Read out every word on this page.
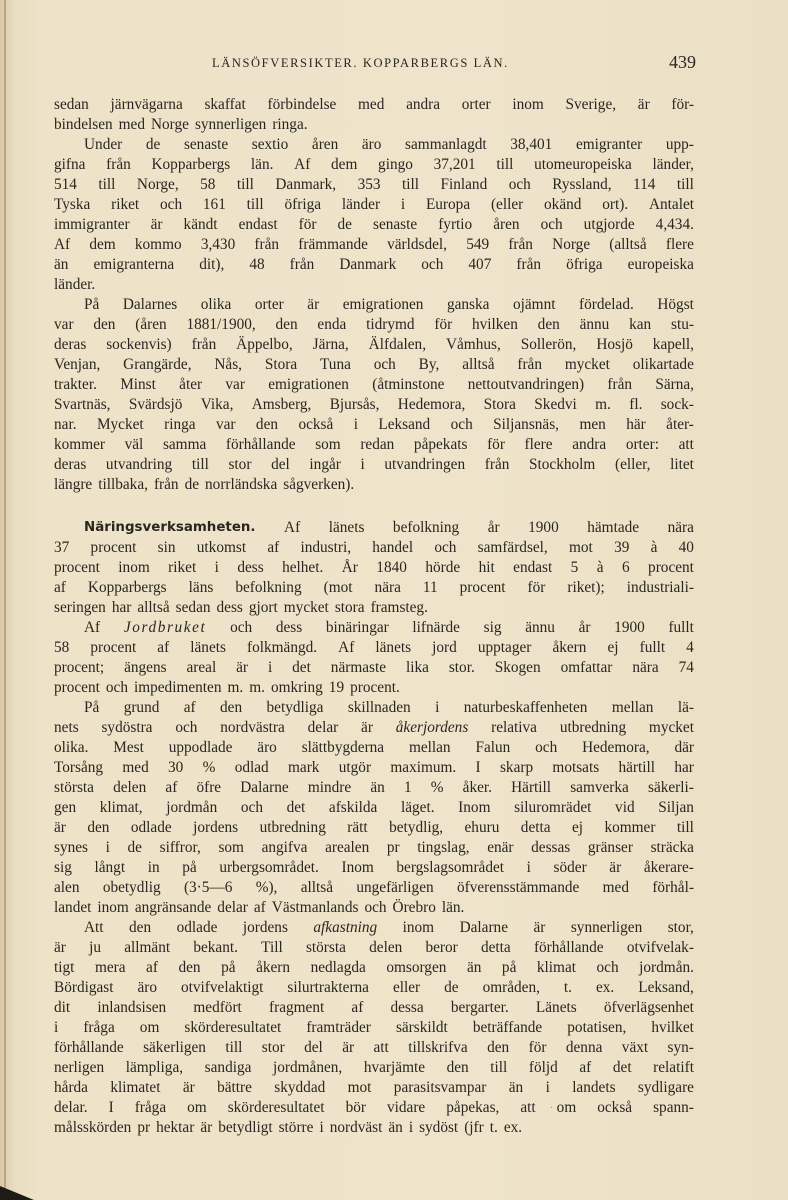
LÄNSÖFVERSIKTER. KOPPARBERGS LÄN.	439
sedan järnvägarna skaffat förbindelse med andra orter inom Sverige, är för-
bindelsen med Norge synnerligen ringa.
Under de senaste sextio åren äro sammanlagdt 38,401 emigranter upp-
gifna från Kopparbergs län. Af dem gingo 37,201 till utomeuropeiska länder,
514 till Norge, 58 till Danmark, 353 till Finland och Ryssland, 114 till
Tyska riket och 161 till öfriga länder i Europa (eller okänd ort). Antalet
immigranter är kändt endast för de senaste fyrtio åren och utgjorde 4,434.
Af dem kommo 3,430 från främmande världsdel, 549 från Norge (alltså flere
än emigranterna dit), 48 från Danmark och 407 från öfriga europeiska
länder.
På Dalarnes olika orter är emigrationen ganska ojämnt fördelad. Högst
var den (åren 1881/1900, den enda tidrymd för hvilken den ännu kan stu-
deras sockenvis) från Äppelbo, Järna, Älfdalen, Våmhus, Sollerön, Hosjö kapell,
Venjan, Grangärde, Nås, Stora Tuna och By, alltså från mycket olikartade
trakter. Minst åter var emigrationen (åtminstone nettoutvandringen) från Särna,
Svartnäs, Svärdsjö Vika, Amsberg, Bjursås, Hedemora, Stora Skedvi m. fl. sock-
nar. Mycket ringa var den också i Leksand och Siljansnäs, men här åter-
kommer väl samma förhållande som redan påpekats för flere andra orter: att
deras utvandring till stor del ingår i utvandringen från Stockholm (eller, litet
längre tillbaka, från de norrländska sågverken).
Näringsverksamheten. Af länets befolkning år 1900 hämtade nära
37 procent sin utkomst af industri, handel och samfärdsel, mot 39 à 40
procent inom riket i dess helhet. År 1840 hörde hit endast 5 à 6 procent
af Kopparbergs läns befolkning (mot nära 11 procent för riket); industriali-
seringen har alltså sedan dess gjort mycket stora framsteg.
Af Jordbruket och dess binäringar lifnärde sig ännu år 1900 fullt
58 procent af länets folkmängd. Af länets jord upptager åkern ej fullt 4
procent; ängens areal är i det närmaste lika stor. Skogen omfattar nära 74
procent och impedimenten m. m. omkring 19 procent.
På grund af den betydliga skillnaden i naturbeskaffenheten mellan lä-
nets sydöstra och nordvästra delar är åkerjordens relativa utbredning mycket
olika. Mest uppodlade äro slättbygderna mellan Falun och Hedemora, där
Torsång med 30 % odlad mark utgör maximum. I skarp motsats härtill har
största delen af öfre Dalarne mindre än 1 % åker. Härtill samverka säkerli-
gen klimat, jordmån och det afskilda läget. Inom siluromrädet vid Siljan
är den odlade jordens utbredning rätt betydlig, ehuru detta ej kommer till
synes i de siffror, som angifva arealen pr tingslag, enär dessas gränser sträcka
sig långt in på urbergsområdet. Inom bergslagsområdet i söder är åkerare-
alen obetydlig (3·5—6 %), alltså ungefärligen öfverensstämmande med förhål-
landet inom angränsande delar af Västmanlands och Örebro län.
Att den odlade jordens afkastning inom Dalarne är synnerligen stor,
är ju allmänt bekant. Till största delen beror detta förhållande otvifvelak-
tigt mera af den på åkern nedlagda omsorgen än på klimat och jordmån.
Bördigast äro otvifvelaktigt silurtrakterna eller de områden, t. ex. Leksand,
dit inlandsisen medfört fragment af dessa bergarter. Länets öfverlägsenhet
i fråga om skörderesultatet framträder särskildt beträffande potatisen, hvilket
förhållande säkerligen till stor del är att tillskrifva den för denna växt syn-
nerligen lämpliga, sandiga jordmånen, hvarjämte den till följd af det relatift
hårda klimatet är bättre skyddad mot parasitsvampar än i landets sydligare
delar. I fråga om skörderesultatet bör vidare påpekas, att om också spann-
målsskörden pr hektar är betydligt större i nordväst än i sydöst (jfr t. ex.
·
